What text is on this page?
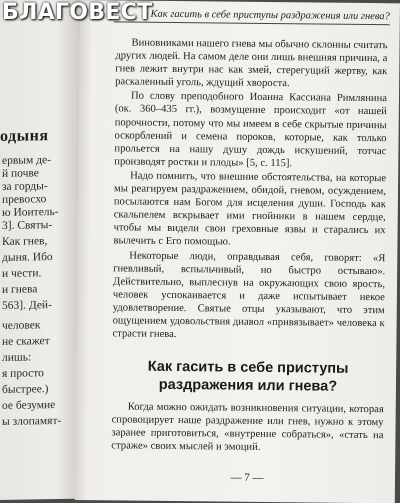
одыня
ервым де-
й почве
за горды-
превосхо
ю Иоитель-
3]. Святы-
Как гнев,
дыня. Ибо
и чести.
и гнева
563]. Дей-
человек
не скажет
лишь:
я просто
быстрее.)
ое безумие
ы злопамят-
БЛАГОВЕСТ
Как гасить в себе приступы раздражения или гнева?

Виновниками нашего гнева мы обычно склонны считать других людей. На самом деле они лишь внешняя причина, а гнев лежит внутри нас как змей, стерегущий жертву, как раскаленный уголь, ждущий хвороста.

По слову преподобного Иоанна Кассиана Римлянина (ок. 360–435 гг.), возмущение происходит «от нашей порочности, потому что мы имеем в себе скрытые причины оскорблений и семена пороков, которые, как только прольется на нашу душу дождь искушений, тотчас производят ростки и плоды» [5, с. 115].

Надо помнить, что внешние обстоятельства, на которые мы реагируем раздражением, обидой, гневом, осуждением, посылаются нам Богом для исцеления души. Господь как скальпелем вскрывает ими гнойники в нашем сердце, чтобы мы видели свои греховные язвы и старались их вылечить с Его помощью.

Некоторые люди, оправдывая себя, говорят: «Я гневливый, вспыльчивый, но быстро остываю». Действительно, выплеснув на окружающих свою ярость, человек успокаивается и даже испытывает некое удовлетворение. Святые отцы указывают, что этим ощущением удовольствия диавол «привязывает» человека к страсти гнева.

Как гасить в себе приступы раздражения или гнева?

Когда можно ожидать возникновения ситуации, которая спровоцирует наше раздражение или гнев, нужно к этому заранее приготовиться, «внутренне собраться», «стать на страже» своих мыслей и эмоций.

— 7 —
